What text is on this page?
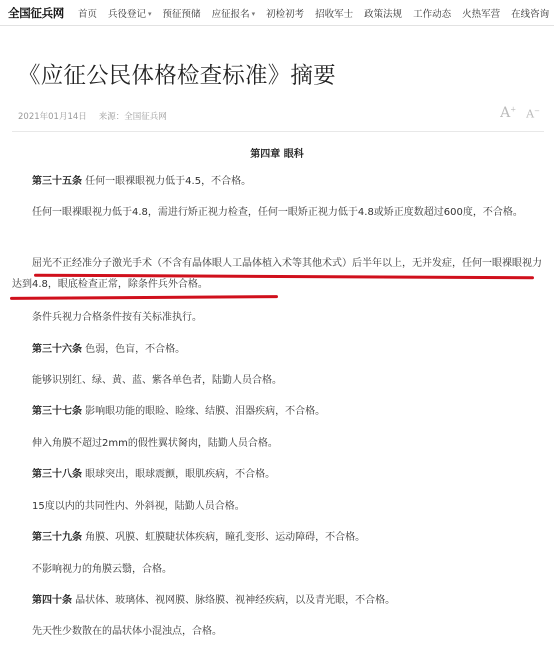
全国征兵网 首页 兵役登记 ▾ 预征预储 应征报名 ▾ 初检初考 招收军士 政策法规 工作动态 火热军营 在线咨询
《应征公民体格检查标准》摘要
2021年01月14日 来源：全国征兵网	A+ A−
第四章 眼科

第三十五条 任何一眼裸眼视力低于4.5，不合格。

任何一眼裸眼视力低于4.8，需进行矫正视力检查，任何一眼矫正视力低于4.8或矫正度数超过600度，不合格。

屈光不正经准分子激光手术（不含有晶体眼人工晶体植入术等其他术式）后半年以上，无并发症，任何一眼裸眼视力达到4.8，眼底检查正常，除条件兵外合格。

条件兵视力合格条件按有关标准执行。

第三十六条 色弱，色盲，不合格。

能够识别红、绿、黄、蓝、紫各单色者，陆勤人员合格。

第三十七条 影响眼功能的眼睑、睑缘、结膜、泪器疾病，不合格。

伸入角膜不超过2mm的假性翼状胬肉，陆勤人员合格。

第三十八条 眼球突出，眼球震颤，眼肌疾病，不合格。

15度以内的共同性内、外斜视，陆勤人员合格。

第三十九条 角膜、巩膜、虹膜睫状体疾病，瞳孔变形、运动障碍，不合格。

不影响视力的角膜云翳，合格。

第四十条 晶状体、玻璃体、视网膜、脉络膜、视神经疾病，以及青光眼，不合格。

先天性少数散在的晶状体小混浊点，合格。
